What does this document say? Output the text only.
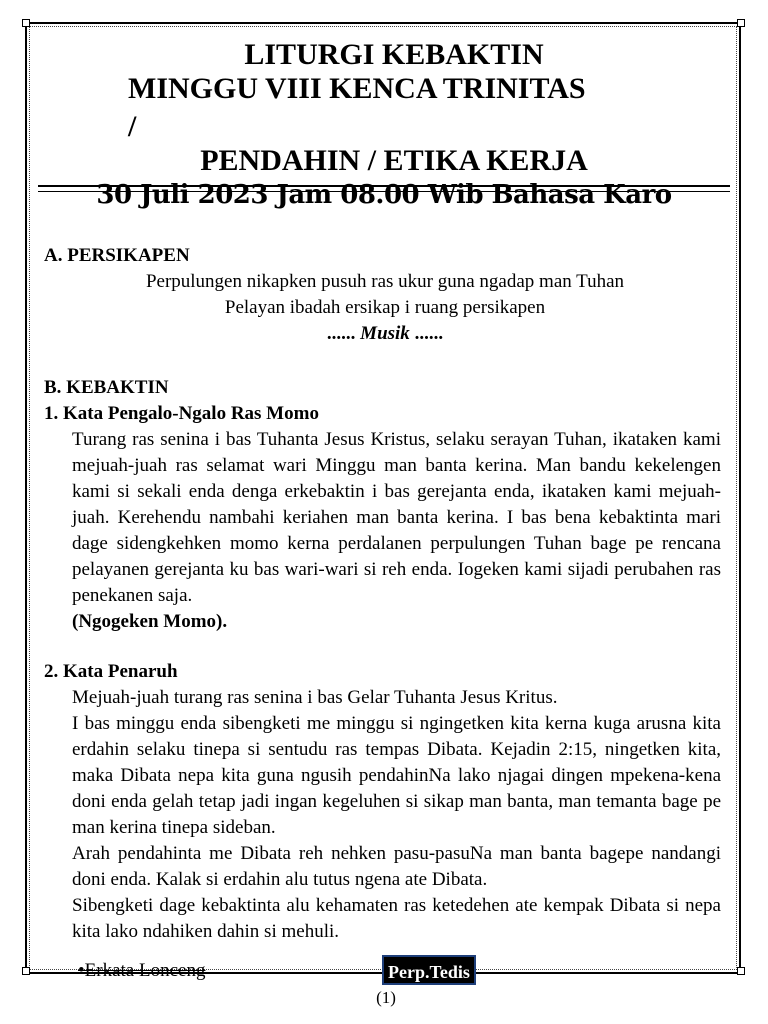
LITURGI KEBAKTIN
MINGGU VIII KENCA TRINITAS
/
PENDAHIN / ETIKA KERJA
30 Juli 2023 Jam 08.00 Wib Bahasa Karo
A. PERSIKAPEN
Perpulungen nikapken pusuh ras ukur guna ngadap man Tuhan
Pelayan ibadah ersikap i ruang persikapen
...... Musik ......
B. KEBAKTIN
1. Kata Pengalo-Ngalo Ras Momo
Turang ras senina i bas Tuhanta Jesus Kristus, selaku serayan Tuhan, ikataken kami mejuah-juah ras selamat wari Minggu man banta kerina. Man bandu kekelengen kami si sekali enda denga erkebaktin i bas gerejanta enda, ikataken kami mejuah-juah. Kerehendu nambahi keriahen man banta kerina. I bas bena kebaktinta mari dage sidengkehken momo kerna perdalanen perpulungen Tuhan bage pe rencana pelayanen gerejanta ku bas wari-wari si reh enda. Iogeken kami sijadi perubahen ras penekanen saja.
(Ngogeken Momo).
2. Kata Penaruh
Mejuah-juah turang ras senina i bas Gelar Tuhanta Jesus Kritus.
I bas minggu enda sibengketi me minggu si ngingetken kita kerna kuga arusna kita erdahin selaku tinepa si sentudu ras tempas Dibata. Kejadin 2:15, ningetken kita, maka Dibata nepa kita guna ngusih pendahinNa lako njagai dingen mpekena-kena doni enda gelah tetap jadi ingan kegeluhen si sikap man banta, man temanta bage pe man kerina tinepa sideban.
Arah pendahinta me Dibata reh nehken pasu-pasuNa man banta bagepe nandangi doni enda. Kalak si erdahin alu tutus ngena ate Dibata.
Sibengketi dage kebaktinta alu kehamaten ras ketedehen ate kempak Dibata si nepa kita lako ndahiken dahin si mehuli.
•Erkata Lonceng	Perp.Tedis
(1)
